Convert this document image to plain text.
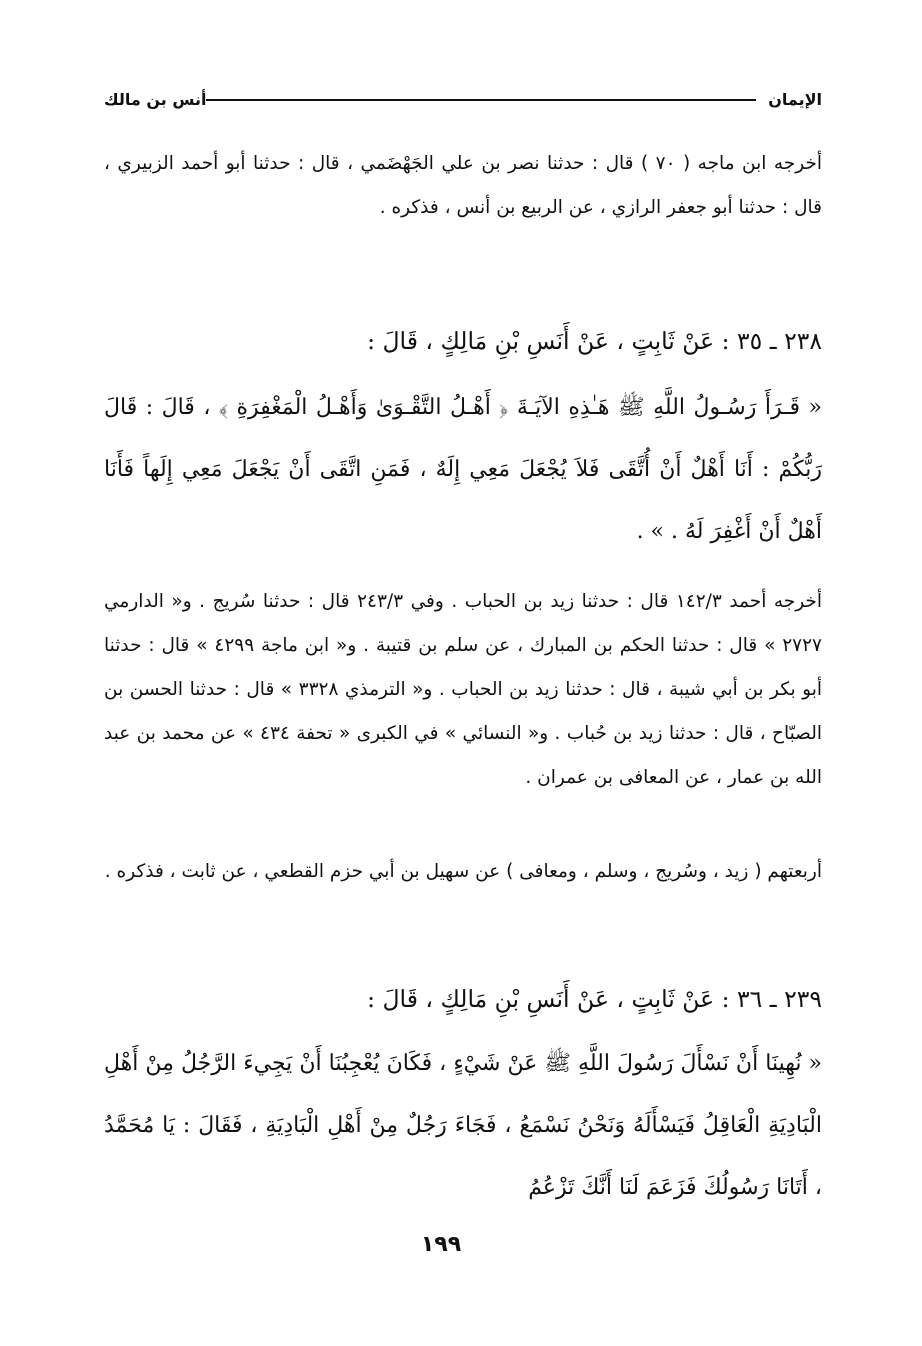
الإيمان
أنس بن مالك

أخرجه ابن ماجه ( ٧٠ ) قال : حدثنا نصر بن علي الجَهْضَمي ، قال : حدثنا أبو أحمد الزبيري ، قال : حدثنا أبو جعفر الرازي ، عن الربيع بن أنس ، فذكره .

٢٣٨ ـ ٣٥ : عَنْ ثَابِتٍ ، عَنْ أَنَسِ بْنِ مَالِكٍ ، قَالَ :

« قَـرَأَ رَسُـولُ اللَّهِ ﷺ هَـٰذِهِ الآيَـةَ ﴿ أَهْـلُ التَّقْـوَىٰ وَأَهْـلُ الْمَغْفِرَةِ ﴾ ، قَالَ : قَالَ رَبُّكُمْ : أَنَا أَهْلٌ أَنْ أُتَّقَى فَلاَ يُجْعَلَ مَعِي إِلَهٌ ، فَمَنِ اتَّقَى أَنْ يَجْعَلَ مَعِي إِلَهاً فَأَنَا أَهْلٌ أَنْ أَغْفِرَ لَهُ . » .

أخرجه أحمد ١٤٢/٣ قال : حدثنا زيد بن الحباب . وفي ٢٤٣/٣ قال : حدثنا سُريج . و« الدارمي ٢٧٢٧ » قال : حدثنا الحكم بن المبارك ، عن سلم بن قتيبة . و« ابن ماجة ٤٢٩٩ » قال : حدثنا أبو بكر بن أبي شيبة ، قال : حدثنا زيد بن الحباب . و« الترمذي ٣٣٢٨ » قال : حدثنا الحسن بن الصبّاح ، قال : حدثنا زيد بن حُباب . و« النسائي » في الكبرى « تحفة ٤٣٤ » عن محمد بن عبد الله بن عمار ، عن المعافى بن عمران .

أربعتهم ( زيد ، وسُريج ، وسلم ، ومعافى ) عن سهيل بن أبي حزم القطعي ، عن ثابت ، فذكره .

٢٣٩ ـ ٣٦ : عَنْ ثَابِتٍ ، عَنْ أَنَسِ بْنِ مَالِكٍ ، قَالَ :

« نُهِينَا أَنْ نَسْأَلَ رَسُولَ اللَّهِ ﷺ عَنْ شَيْءٍ ، فَكَانَ يُعْجِبُنَا أَنْ يَجِيءَ الرَّجُلُ مِنْ أَهْلِ الْبَادِيَةِ الْعَاقِلُ فَيَسْأَلَهُ وَنَحْنُ نَسْمَعُ ، فَجَاءَ رَجُلٌ مِنْ أَهْلِ الْبَادِيَةِ ، فَقَالَ : يَا مُحَمَّدُ ، أَتَانَا رَسُولُكَ فَزَعَمَ لَنَا أَنَّكَ تَزْعُمُ

١٩٩
